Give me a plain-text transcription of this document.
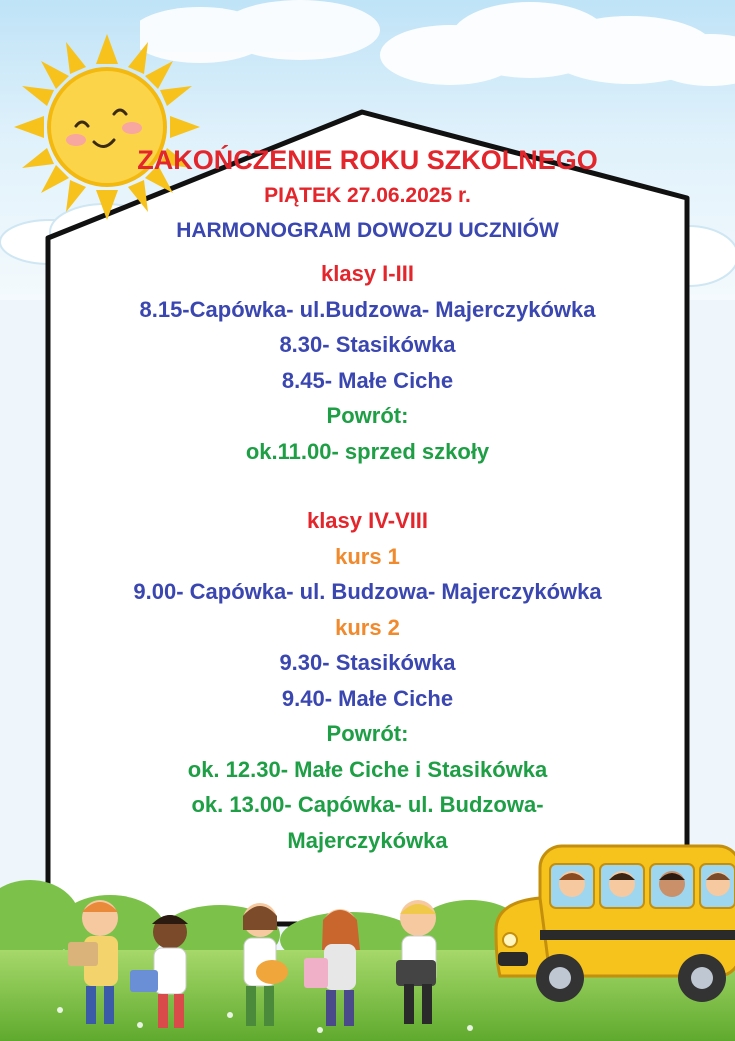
ZAKOŃCZENIE ROKU SZKOLNEGO
PIĄTEK 27.06.2025 r.
HARMONOGRAM DOWOZU UCZNIÓW
klasy I-III
8.15-Capówka- ul.Budzowa- Majerczykówka
8.30- Stasikówka
8.45- Małe Ciche
Powrót:
ok.11.00- sprzed szkoły
klasy IV-VIII
kurs 1
9.00- Capówka- ul. Budzowa- Majerczykówka
kurs 2
9.30- Stasikówka
9.40- Małe Ciche
Powrót:
ok. 12.30- Małe Ciche i Stasikówka
ok. 13.00- Capówka- ul. Budzowa-
Majerczykówka
